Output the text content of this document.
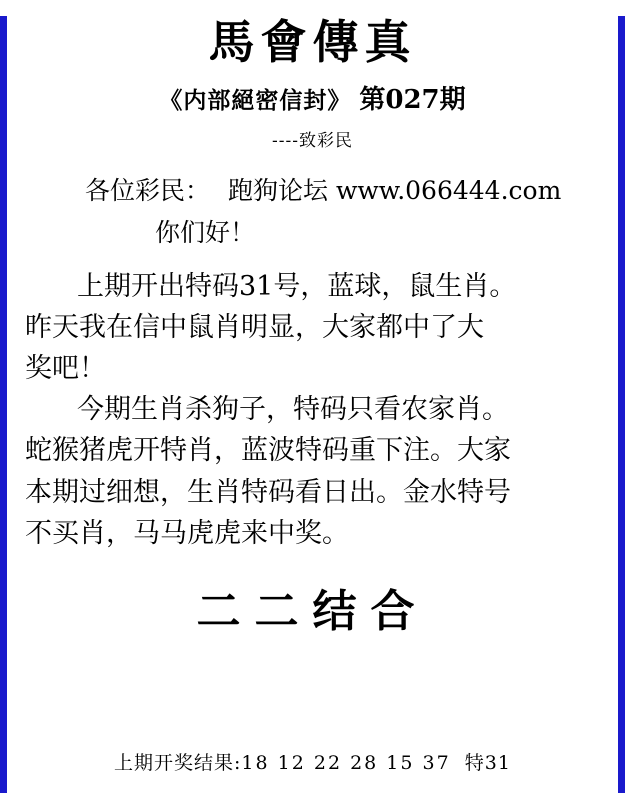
馬會傳真
《内部絕密信封》 第027期
----致彩民
各位彩民： 跑狗论坛 www.066444.com
你们好！
上期开出特码31号，蓝球，鼠生肖。
昨天我在信中鼠肖明显，大家都中了大
奖吧！
今期生肖杀狗子，特码只看农家肖。
蛇猴猪虎开特肖，蓝波特码重下注。大家
本期过细想，生肖特码看日出。金水特号
不买肖，马马虎虎来中奖。
二二结合
上期开奖结果:18 12 22 28 15 37 特31
